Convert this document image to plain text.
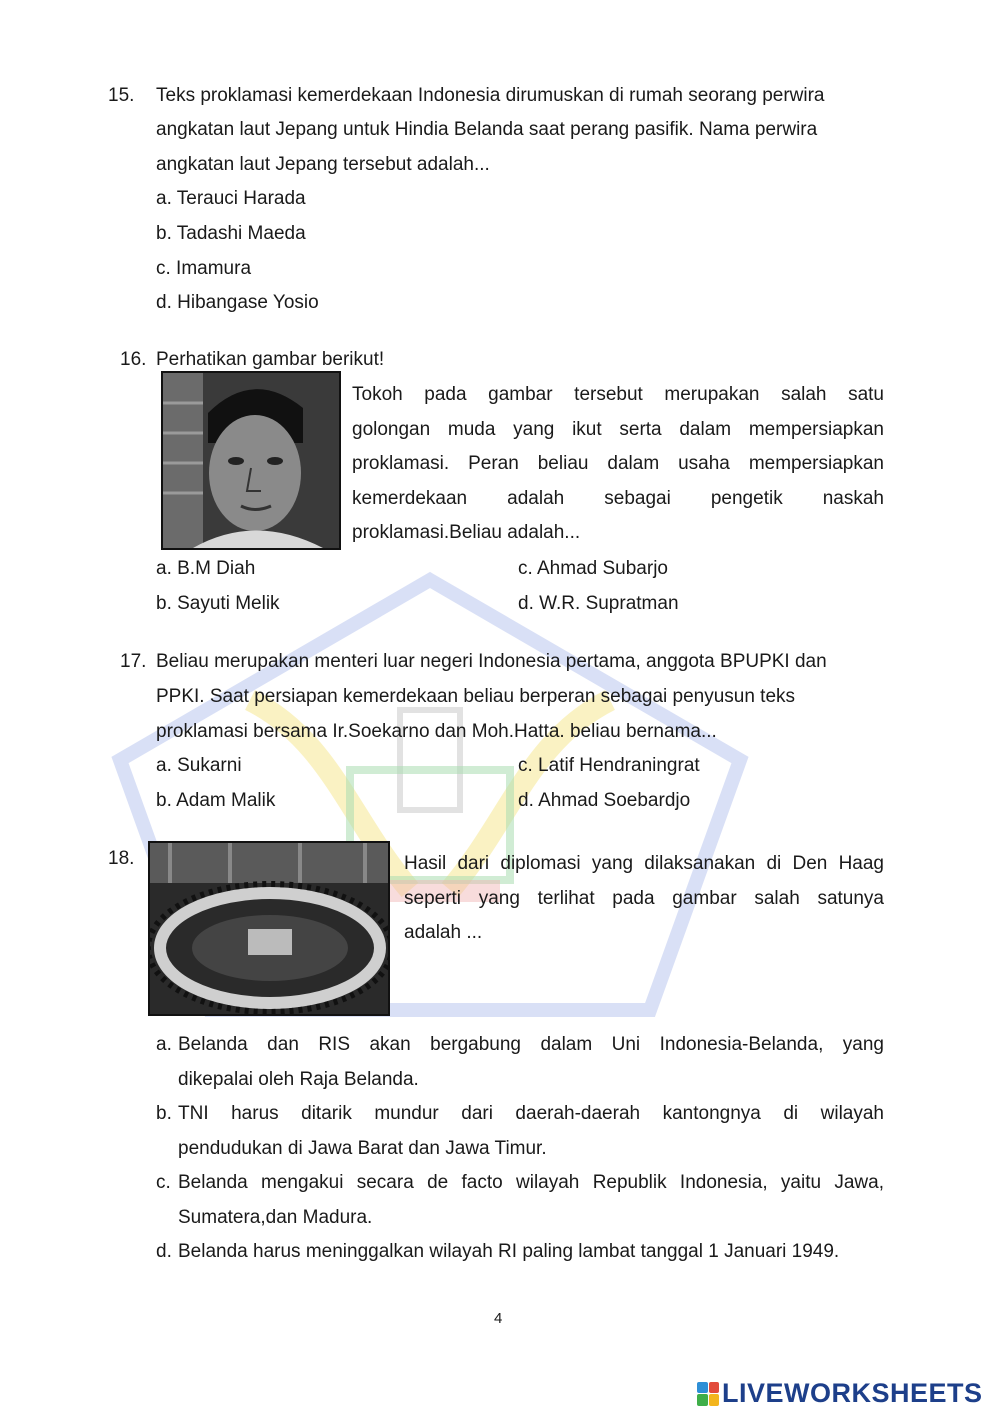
15. Teks proklamasi kemerdekaan Indonesia dirumuskan di rumah seorang perwira
angkatan laut Jepang untuk Hindia Belanda saat perang pasifik. Nama perwira
angkatan laut Jepang tersebut adalah...
a. Terauci Harada
b. Tadashi Maeda
c. Imamura
d. Hibangase Yosio
16. Perhatikan gambar berikut!
Tokoh pada gambar tersebut merupakan salah satu
golongan muda yang ikut serta dalam mempersiapkan
proklamasi. Peran beliau dalam usaha mempersiapkan
kemerdekaan adalah sebagai pengetik naskah
proklamasi.Beliau adalah...
a. B.M Diah	c. Ahmad Subarjo
b. Sayuti Melik	d. W.R. Supratman
17. Beliau merupakan menteri luar negeri Indonesia pertama, anggota BPUPKI dan
PPKI. Saat persiapan kemerdekaan beliau berperan sebagai penyusun teks
proklamasi bersama Ir.Soekarno dan Moh.Hatta. beliau bernama...
a. Sukarni	c. Latif Hendraningrat
b. Adam Malik	d. Ahmad Soebardjo
18.	Hasil dari diplomasi yang dilaksanakan di Den Haag
seperti yang terlihat pada gambar salah satunya
adalah ...
a. Belanda dan RIS akan bergabung dalam Uni Indonesia-Belanda, yang
dikepalai oleh Raja Belanda.
b. TNI harus ditarik mundur dari daerah-daerah kantongnya di wilayah
pendudukan di Jawa Barat dan Jawa Timur.
c. Belanda mengakui secara de facto wilayah Republik Indonesia, yaitu Jawa,
Sumatera,dan Madura.
d. Belanda harus meninggalkan wilayah RI paling lambat tanggal 1 Januari 1949.
4
LIVEWORKSHEETS
